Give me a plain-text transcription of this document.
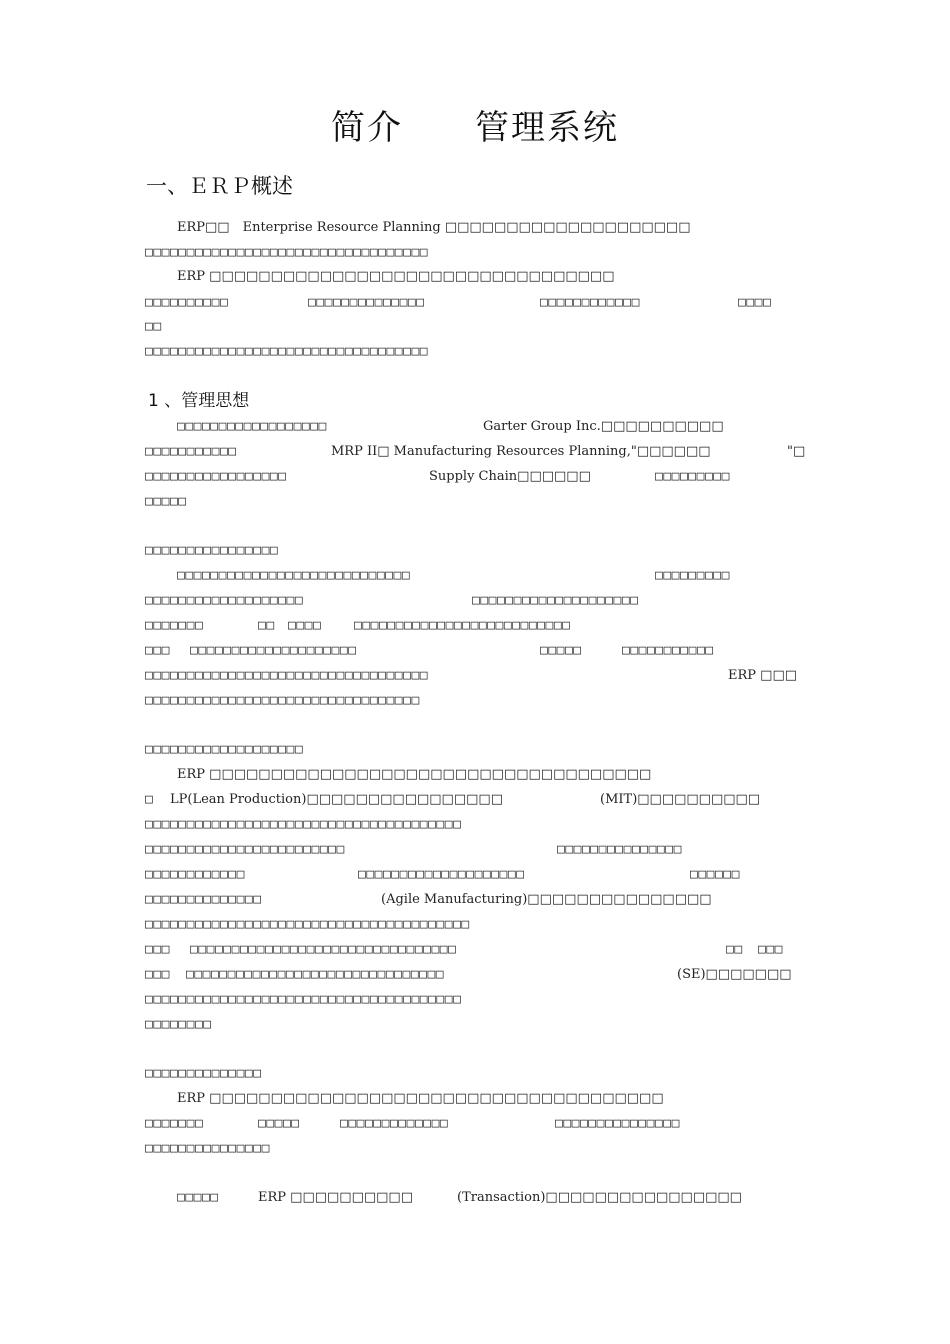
简介　　管理系统
一、ＥＲＰ概述
1 、管理思想
ERP□□　Enterprise Resource Planning □□□□□□□□□□□□□□□□□□□□
□□□□□□□□□□□□□□□□□□□□□□□□□□□□□□□□□□
ERP □□□□□□□□□□□□□□□□□□□□□□□□□□□□□□□□□
□□□□□□□□□□	□□□□□□□□□□□□□□	□□□□□□□□□□□□	□□□□
□□
□□□□□□□□□□□□□□□□□□□□□□□□□□□□□□□□□□
□□□□□□□□□□□□□□□□□□	Garter Group Inc.□□□□□□□□□□
□□□□□□□□□□□	MRP II□ Manufacturing Resources Planning,"□□□□□□	"□
□□□□□□□□□□□□□□□□□	Supply Chain□□□□□□	□□□□□□□□□
□□□□□
□□□□□□□□□□□□□□□□
□□□□□□□□□□□□□□□□□□□□□□□□□□□□	□□□□□□□□□
□□□□□□□□□□□□□□□□□□□	□□□□□□□□□□□□□□□□□□□□
□□□□□□□	□□ □□□□	□□□□□□□□□□□□□□□□□□□□□□□□□□
□□□ □□□□□□□□□□□□□□□□□□□□	□□□□□	□□□□□□□□□□□
□□□□□□□□□□□□□□□□□□□□□□□□□□□□□□□□□□	ERP □□□
□□□□□□□□□□□□□□□□□□□□□□□□□□□□□□□□□
□□□□□□□□□□□□□□□□□□□
ERP □□□□□□□□□□□□□□□□□□□□□□□□□□□□□□□□□□□□
□ LP(Lean Production)□□□□□□□□□□□□□□□□	(MIT)□□□□□□□□□□
□□□□□□□□□□□□□□□□□□□□□□□□□□□□□□□□□□□□□□
□□□□□□□□□□□□□□□□□□□□□□□□	□□□□□□□□□□□□□□□
□□□□□□□□□□□□	□□□□□□□□□□□□□□□□□□□□	□□□□□□
□□□□□□□□□□□□□□	(Agile Manufacturing)□□□□□□□□□□□□□□□
□□□□□□□□□□□□□□□□□□□□□□□□□□□□□□□□□□□□□□□
□□□ □□□□□□□□□□□□□□□□□□□□□□□□□□□□□□□□	□□ □□□
□□□ □□□□□□□□□□□□□□□□□□□□□□□□□□□□□□□	(SE)□□□□□□□
□□□□□□□□□□□□□□□□□□□□□□□□□□□□□□□□□□□□□□
□□□□□□□□
□□□□□□□□□□□□□□
ERP □□□□□□□□□□□□□□□□□□□□□□□□□□□□□□□□□□□□□
□□□□□□□	□□□□□	□□□□□□□□□□□□□	□□□□□□□□□□□□□□□
□□□□□□□□□□□□□□□
□□□□□	ERP □□□□□□□□□□	(Transaction)□□□□□□□□□□□□□□□□
